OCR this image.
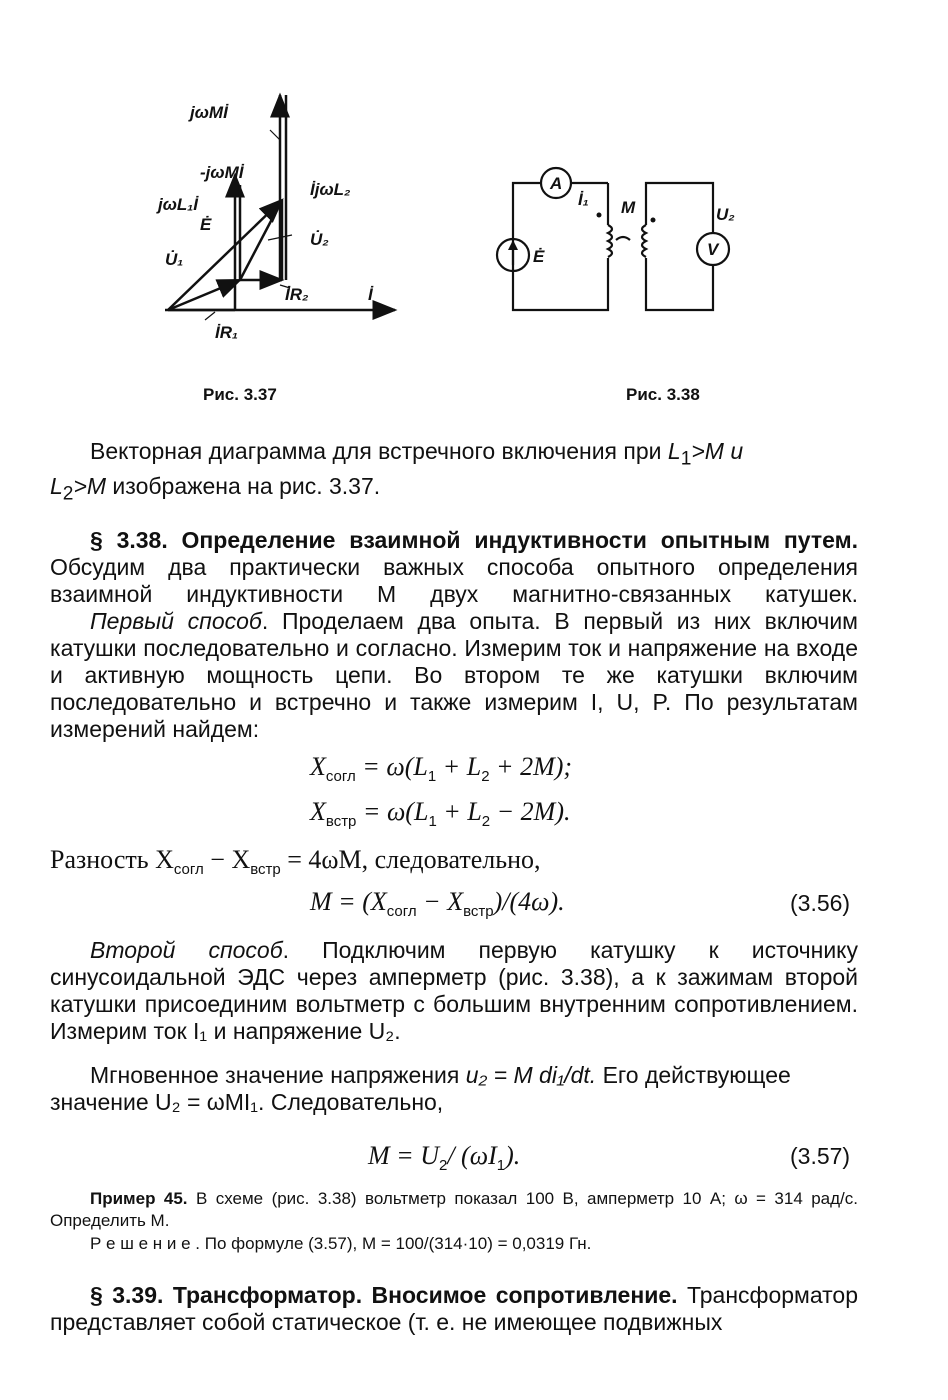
jωMİ
-jωMİ
jωL₁İ
Ė
U̇₁
İjωL₂
U̇₂
İR₂
İR₁
İ
Рис. 3.37
A
İ₁ M	U₂
V
Ė
Рис. 3.38
Векторная диаграмма для встречного включения при $L_1>M$ и
$L_2>M$ изображена на рис. 3.37.
§ 3.38. Определение взаимной индуктивности опытным путем. Обсудим два практически важных способа опытного определения взаимной индуктивности M двух магнитно-связанных катушек.
Первый способ. Проделаем два опыта. В первый из них включим катушки последовательно и согласно. Измерим ток и напряжение на входе и активную мощность цепи. Во втором те же катушки включим последовательно и встречно и также измерим I, U, P. По результатам измерений найдем:
$X_{согл} = \omega(L_1 + L_2 + 2M)$;
$X_{встр} = \omega(L_1 + L_2 - 2M)$.
Разность $X_{согл} - X_{встр} = 4\omega M$, следовательно,
$M = (X_{согл} - X_{встр})/(4\omega)$.	(3.56)
Второй способ. Подключим первую катушку к источнику синусоидальной ЭДС через амперметр (рис. 3.38), а к зажимам второй катушки присоединим вольтметр с большим внутренним сопротивлением. Измерим ток I₁ и напряжение U₂.
Мгновенное значение напряжения u₂ = M di₁/dt. Его действующее
значение U₂ = ωMI₁. Следовательно,
$M = U_2/$ $(\omega I_1)$.	(3.57)
Пример 45. В схеме (рис. 3.38) вольтметр показал 100 В, амперметр 10 А; ω = 314 рад/с. Определить M.
Р е ш е н и е . По формуле (3.57), M = 100/(314·10) = 0,0319 Гн.
§ 3.39. Трансформатор. Вносимое сопротивление. Трансформатор представляет собой статическое (т. е. не имеющее подвижных
